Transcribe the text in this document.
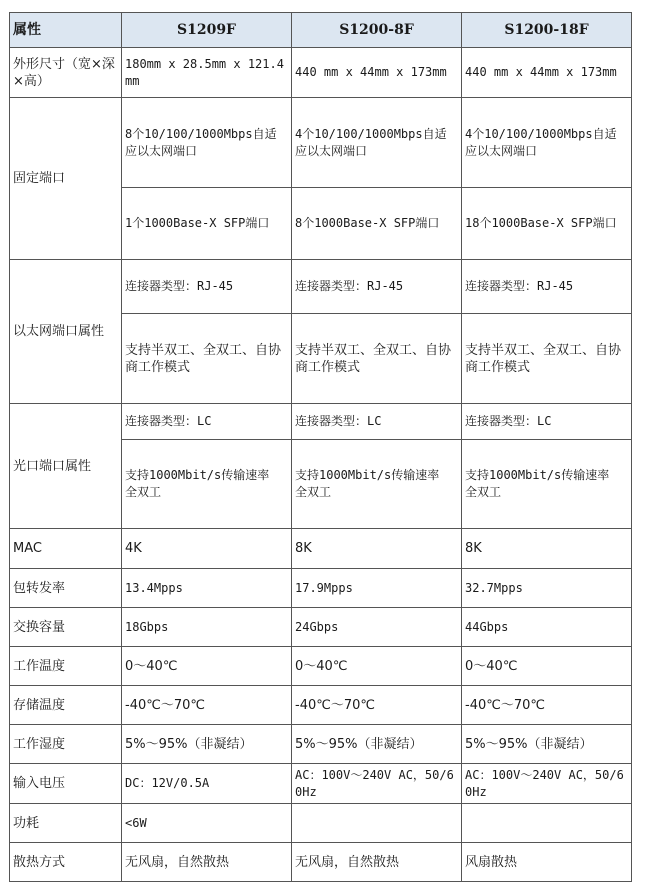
属性	S1209F	S1200-8F	S1200-18F
外形尺寸（宽×深×高）	180mm x 28.5mm x 121.4mm	440 mm x 44mm x 173mm	440 mm x 44mm x 173mm
固定端口	8个10/100/1000Mbps自适应以太网端口	4个10/100/1000Mbps自适应以太网端口	4个10/100/1000Mbps自适应以太网端口
	1个1000Base-X SFP端口	8个1000Base-X SFP端口	18个1000Base-X SFP端口
以太网端口属性	连接器类型：RJ-45	连接器类型：RJ-45	连接器类型：RJ-45
	支持半双工、全双工、自协商工作模式	支持半双工、全双工、自协商工作模式	支持半双工、全双工、自协商工作模式
光口端口属性	连接器类型：LC	连接器类型：LC	连接器类型：LC
	支持1000Mbit/s传输速率 全双工	支持1000Mbit/s传输速率 全双工	支持1000Mbit/s传输速率 全双工
MAC	4K	8K	8K
包转发率	13.4Mpps	17.9Mpps	32.7Mpps
交换容量	18Gbps	24Gbps	44Gbps
工作温度	0～40℃	0～40℃	0～40℃
存储温度	-40℃～70℃	-40℃～70℃	-40℃～70℃
工作湿度	5%～95%（非凝结）	5%～95%（非凝结）	5%～95%（非凝结）
输入电压	DC：12V/0.5A	AC：100V～240V AC，50/60Hz	AC：100V～240V AC，50/60Hz
功耗	<6W		
散热方式	无风扇，自然散热	无风扇，自然散热	风扇散热
